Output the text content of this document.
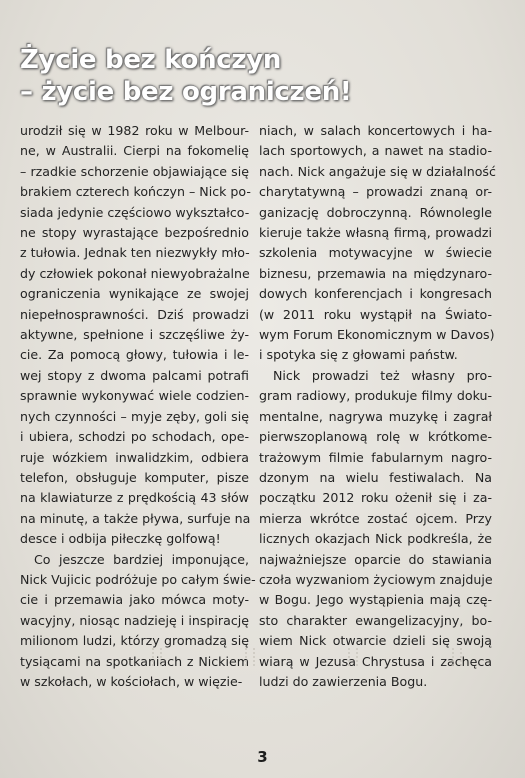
Życie bez kończyn
– życie bez ograniczeń!
urodził się w 1982 roku w Melbour-
ne, w Australii. Cierpi na fokomelię
– rzadkie schorzenie objawiające się
brakiem czterech kończyn – Nick po-
siada jedynie częściowo wykształco-
ne stopy wyrastające bezpośrednio
z tułowia. Jednak ten niezwykły mło-
dy człowiek pokonał niewyobrażalne
ograniczenia wynikające ze swojej
niepełnosprawności. Dziś prowadzi
aktywne, spełnione i szczęśliwe ży-
cie. Za pomocą głowy, tułowia i le-
wej stopy z dwoma palcami potrafi
sprawnie wykonywać wiele codzien-
nych czynności – myje zęby, goli się
i ubiera, schodzi po schodach, ope-
ruje wózkiem inwalidzkim, odbiera
telefon, obsługuje komputer, pisze
na klawiaturze z prędkością 43 słów
na minutę, a także pływa, surfuje na
desce i odbija piłeczkę golfową!
Co jeszcze bardziej imponujące,
Nick Vujicic podróżuje po całym świe-
cie i przemawia jako mówca moty-
wacyjny, niosąc nadzieję i inspirację
milionom ludzi, którzy gromadzą się
tysiącami na spotkaniach z Nickiem
w szkołach, w kościołach, w więzie-
niach, w salach koncertowych i ha-
lach sportowych, a nawet na stadio-
nach. Nick angażuje się w działalność
charytatywną – prowadzi znaną or-
ganizację dobroczynną. Równolegle
kieruje także własną firmą, prowadzi
szkolenia motywacyjne w świecie
biznesu, przemawia na międzynaro-
dowych konferencjach i kongresach
(w 2011 roku wystąpił na Świato-
wym Forum Ekonomicznym w Davos)
i spotyka się z głowami państw.
Nick prowadzi też własny pro-
gram radiowy, produkuje filmy doku-
mentalne, nagrywa muzykę i zagrał
pierwszoplanową rolę w krótkome-
trażowym filmie fabularnym nagro-
dzonym na wielu festiwalach. Na
początku 2012 roku ożenił się i za-
mierza wkrótce zostać ojcem. Przy
licznych okazjach Nick podkreśla, że
najważniejsze oparcie do stawiania
czoła wyzwaniom życiowym znajduje
w Bogu. Jego wystąpienia mają czę-
sto charakter ewangelizacyjny, bo-
wiem Nick otwarcie dzieli się swoją
wiarą w Jezusa Chrystusa i zachęca
ludzi do zawierzenia Bogu.
3
